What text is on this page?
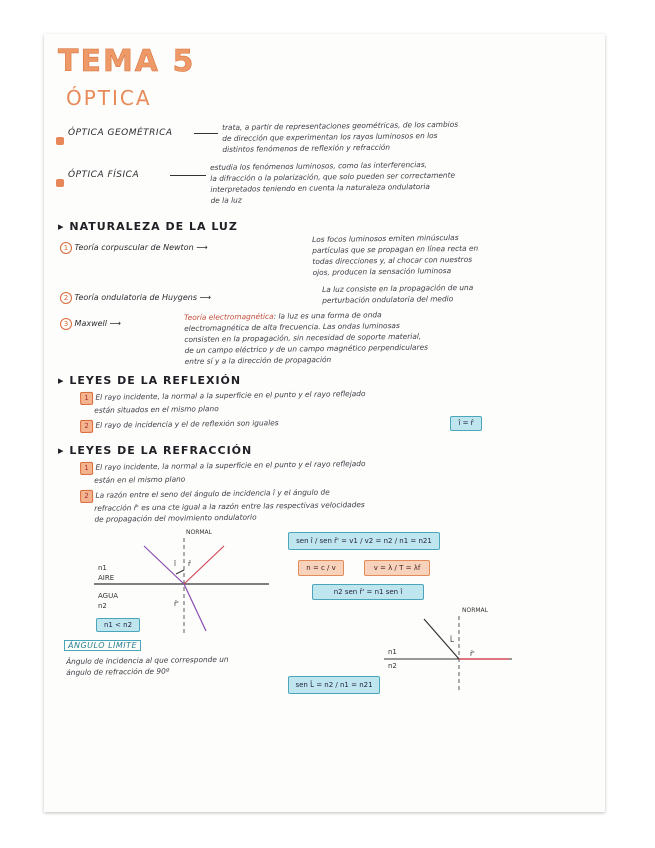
TEMA 5
ÓPTICA
ÓPTICA GEOMÉTRICA
trata, a partir de representaciones geométricas, de los cambios
de dirección que experimentan los rayos luminosos en los
distintos fenómenos de reflexión y refracción
ÓPTICA FÍSICA
estudia los fenómenos luminosos, como las interferencias,
la difracción o la polarización, que solo pueden ser correctamente
interpretados teniendo en cuenta la naturaleza ondulatoria
de la luz
▸ NATURALEZA DE LA LUZ
1 Teoría corpuscular de Newton ⟶
Los focos luminosos emiten minúsculas
partículas que se propagan en línea recta en
todas direcciones y, al chocar con nuestros
ojos, producen la sensación luminosa
2 Teoría ondulatoria de Huygens ⟶
La luz consiste en la propagación de una
perturbación ondulatoria del medio
3 Maxwell ⟶
Teoría electromagnética: la luz es una forma de onda
electromagnética de alta frecuencia. Las ondas luminosas
consisten en la propagación, sin necesidad de soporte material,
de un campo eléctrico y de un campo magnético perpendiculares
entre sí y a la dirección de propagación
▸ LEYES DE LA REFLEXIÓN
1 El rayo incidente, la normal a la superficie en el punto y el rayo reflejado
están situados en el mismo plano
2 El rayo de incidencia y el de reflexión son iguales	î = r̂
▸ LEYES DE LA REFRACCIÓN
1 El rayo incidente, la normal a la superficie en el punto y el rayo reflejado
están en el mismo plano
2 La razón entre el seno del ángulo de incidencia î y el ángulo de
refracción r̂' es una cte igual a la razón entre las respectivas velocidades
de propagación del movimiento ondulatorio
sen î / sen r̂' = v1 / v2 = n2 / n1 = n21
n = c / v	v = λ / T = λf
n2 sen r̂' = n1 sen î
NORMAL
n1
AIRE
AGUA
n2
î r̂
r̂'
n1 < n2
ÁNGULO LÍMITE
Ángulo de incidencia al que corresponde un
ángulo de refracción de 90º
sen L̂ = n2 / n1 = n21
NORMAL
n1
n2
L̂
r̂'
